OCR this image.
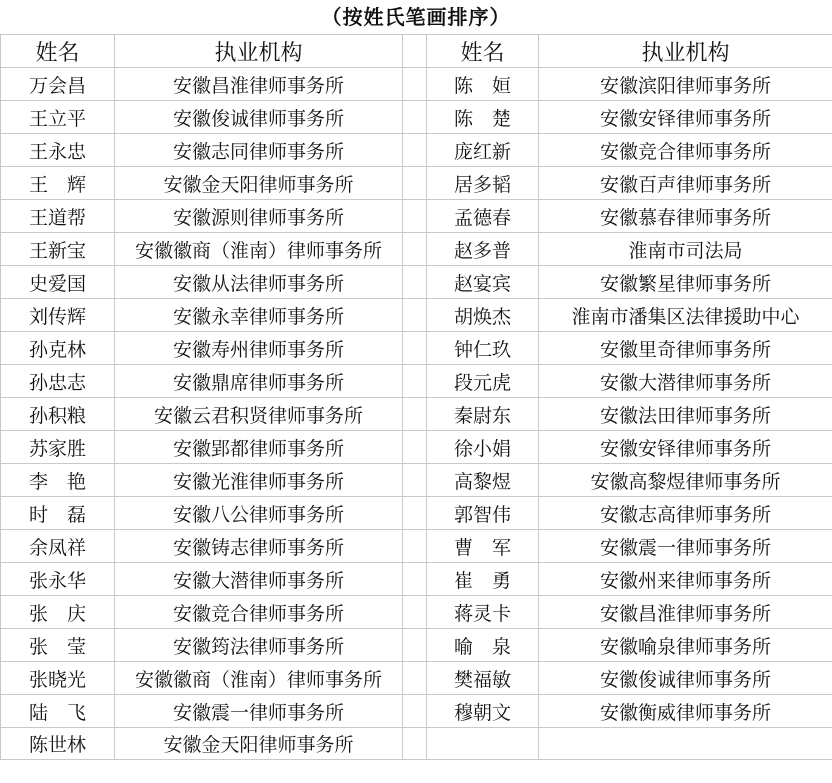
（按姓氏笔画排序）
姓名	执业机构		姓名	执业机构
万会昌	安徽昌淮律师事务所		陈　姮	安徽滨阳律师事务所
王立平	安徽俊诚律师事务所		陈　楚	安徽安铎律师事务所
王永忠	安徽志同律师事务所		庞红新	安徽竞合律师事务所
王　辉	安徽金天阳律师事务所		居多韬	安徽百声律师事务所
王道帮	安徽源则律师事务所		孟德春	安徽慕春律师事务所
王新宝	安徽徽商（淮南）律师事务所		赵多普	淮南市司法局
史爱国	安徽从法律师事务所		赵宴宾	安徽繁星律师事务所
刘传辉	安徽永幸律师事务所		胡焕杰	淮南市潘集区法律援助中心
孙克林	安徽寿州律师事务所		钟仁玖	安徽里奇律师事务所
孙忠志	安徽鼎席律师事务所		段元虎	安徽大潜律师事务所
孙积粮	安徽云君积贤律师事务所		秦尉东	安徽法田律师事务所
苏家胜	安徽郢都律师事务所		徐小娟	安徽安铎律师事务所
李　艳	安徽光淮律师事务所		高黎煜	安徽高黎煜律师事务所
时　磊	安徽八公律师事务所		郭智伟	安徽志高律师事务所
余凤祥	安徽铸志律师事务所		曹　军	安徽震一律师事务所
张永华	安徽大潜律师事务所		崔　勇	安徽州来律师事务所
张　庆	安徽竞合律师事务所		蒋灵卡	安徽昌淮律师事务所
张　莹	安徽筠法律师事务所		喻　泉	安徽喻泉律师事务所
张晓光	安徽徽商（淮南）律师事务所		樊福敏	安徽俊诚律师事务所
陆　飞	安徽震一律师事务所		穆朝文	安徽衡威律师事务所
陈世林	安徽金天阳律师事务所			
